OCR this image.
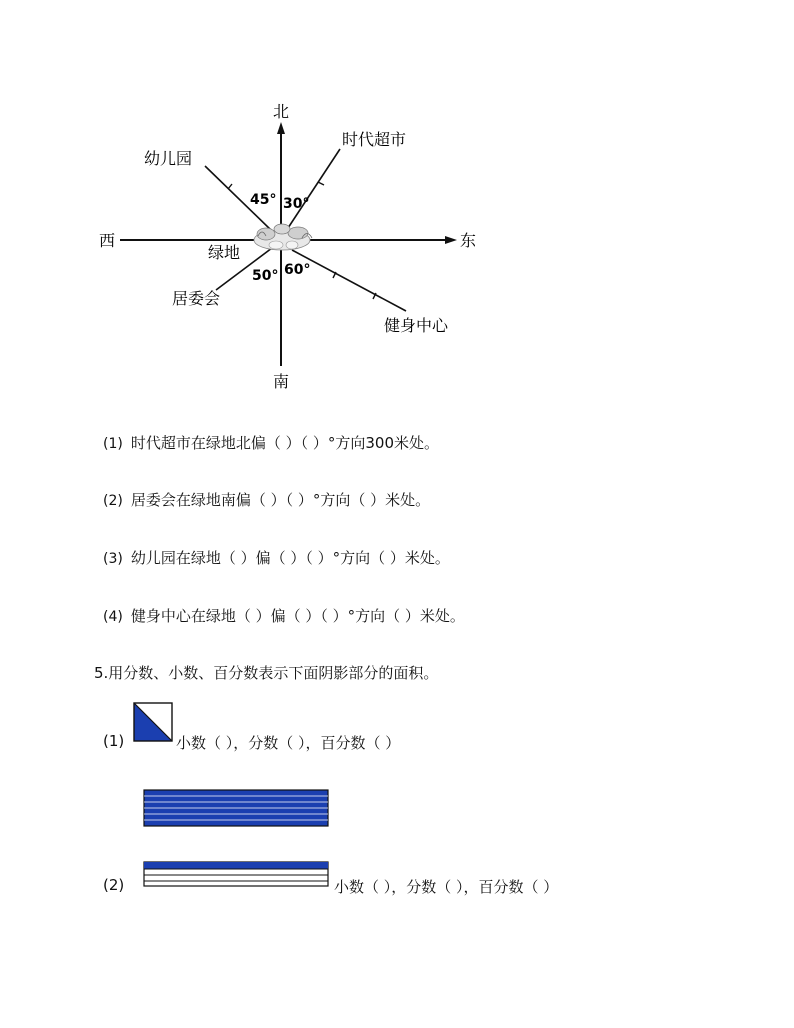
北
南
西	东
绿地
时代超市
幼儿园
居委会
健身中心
45° 30°
50° 60°
(1) 时代超市在绿地北偏（ ）（ ）°方向300米处。
(2) 居委会在绿地南偏（ ）（ ）°方向（ ）米处。
(3) 幼儿园在绿地（ ）偏（ ）（ ）°方向（ ）米处。
(4) 健身中心在绿地（ ）偏（ ）（ ）°方向（ ）米处。
5.用分数、小数、百分数表示下面阴影部分的面积。
(1)	小数（ ），分数（ ），百分数（ ）
(2)	小数（ ），分数（ ），百分数（ ）
